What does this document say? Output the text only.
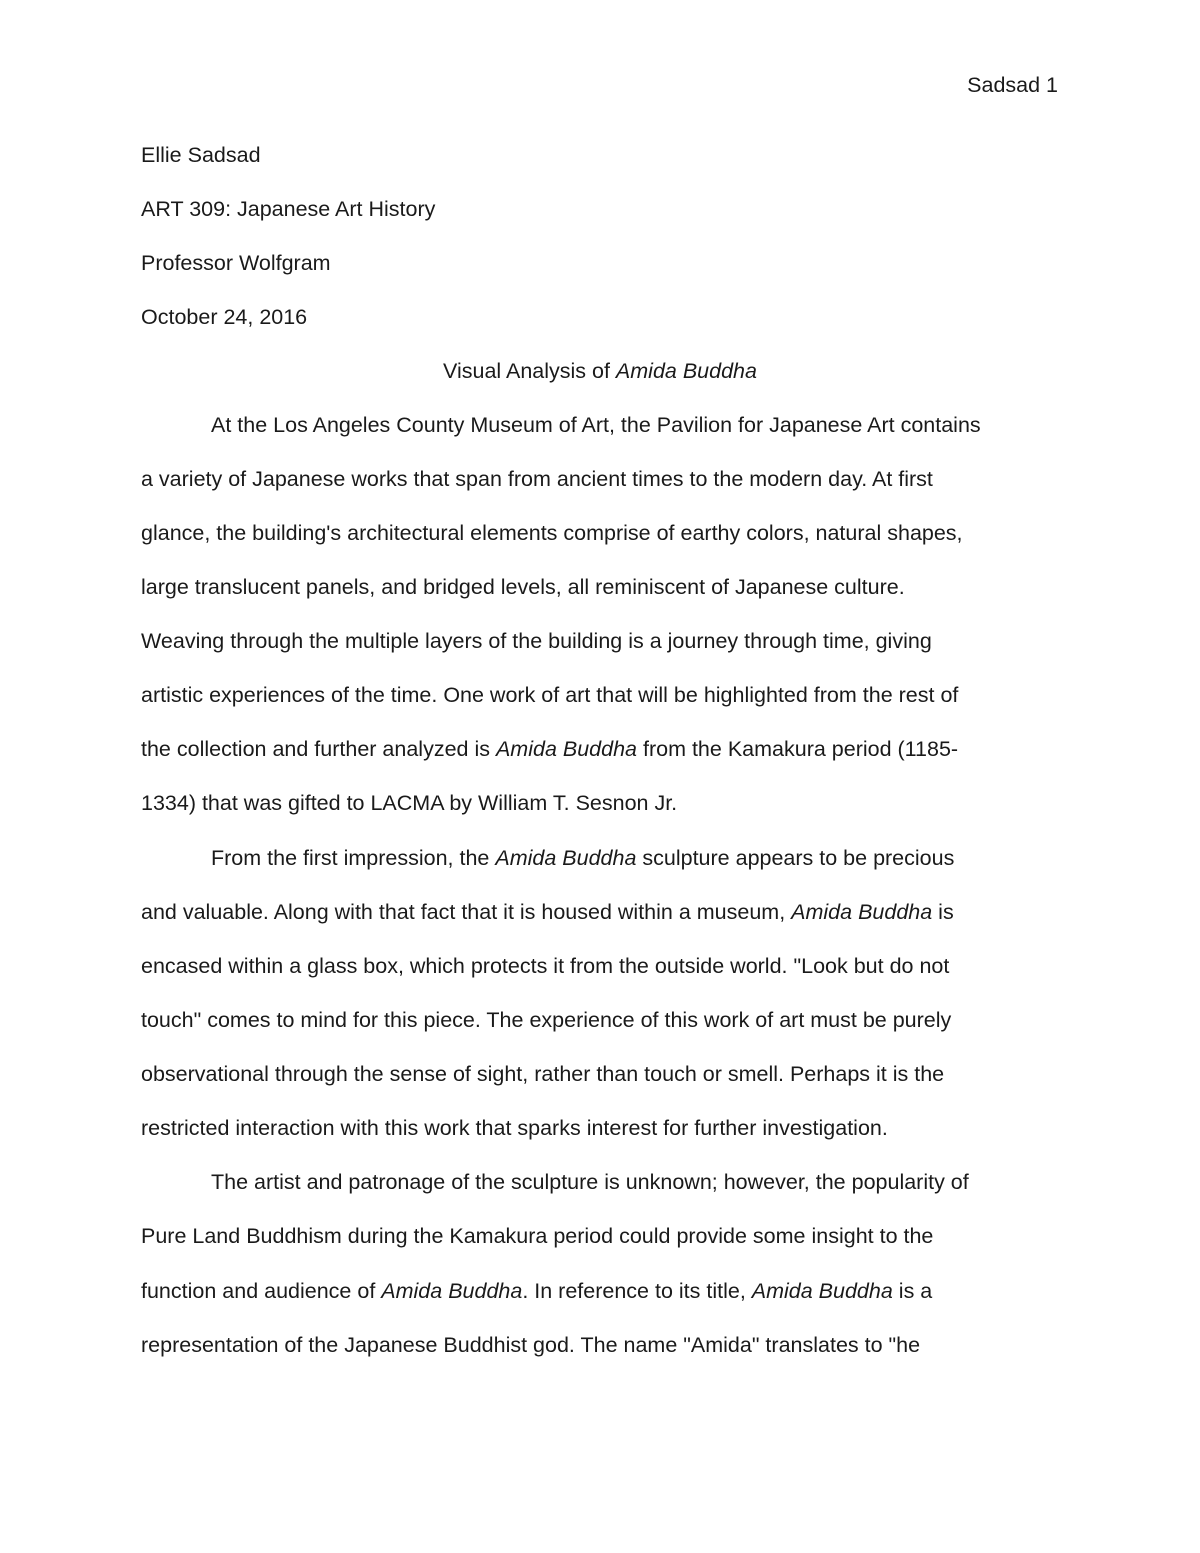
Sadsad 1
Ellie Sadsad
ART 309: Japanese Art History
Professor Wolfgram
October 24, 2016
Visual Analysis of Amida Buddha
At the Los Angeles County Museum of Art, the Pavilion for Japanese Art contains
a variety of Japanese works that span from ancient times to the modern day. At first
glance, the building's architectural elements comprise of earthy colors, natural shapes,
large translucent panels, and bridged levels, all reminiscent of Japanese culture.
Weaving through the multiple layers of the building is a journey through time, giving
artistic experiences of the time. One work of art that will be highlighted from the rest of
the collection and further analyzed is Amida Buddha from the Kamakura period (1185-
1334) that was gifted to LACMA by William T. Sesnon Jr.
From the first impression, the Amida Buddha sculpture appears to be precious
and valuable. Along with that fact that it is housed within a museum, Amida Buddha is
encased within a glass box, which protects it from the outside world. "Look but do not
touch" comes to mind for this piece. The experience of this work of art must be purely
observational through the sense of sight, rather than touch or smell. Perhaps it is the
restricted interaction with this work that sparks interest for further investigation.
The artist and patronage of the sculpture is unknown; however, the popularity of
Pure Land Buddhism during the Kamakura period could provide some insight to the
function and audience of Amida Buddha. In reference to its title, Amida Buddha is a
representation of the Japanese Buddhist god. The name "Amida" translates to "he
